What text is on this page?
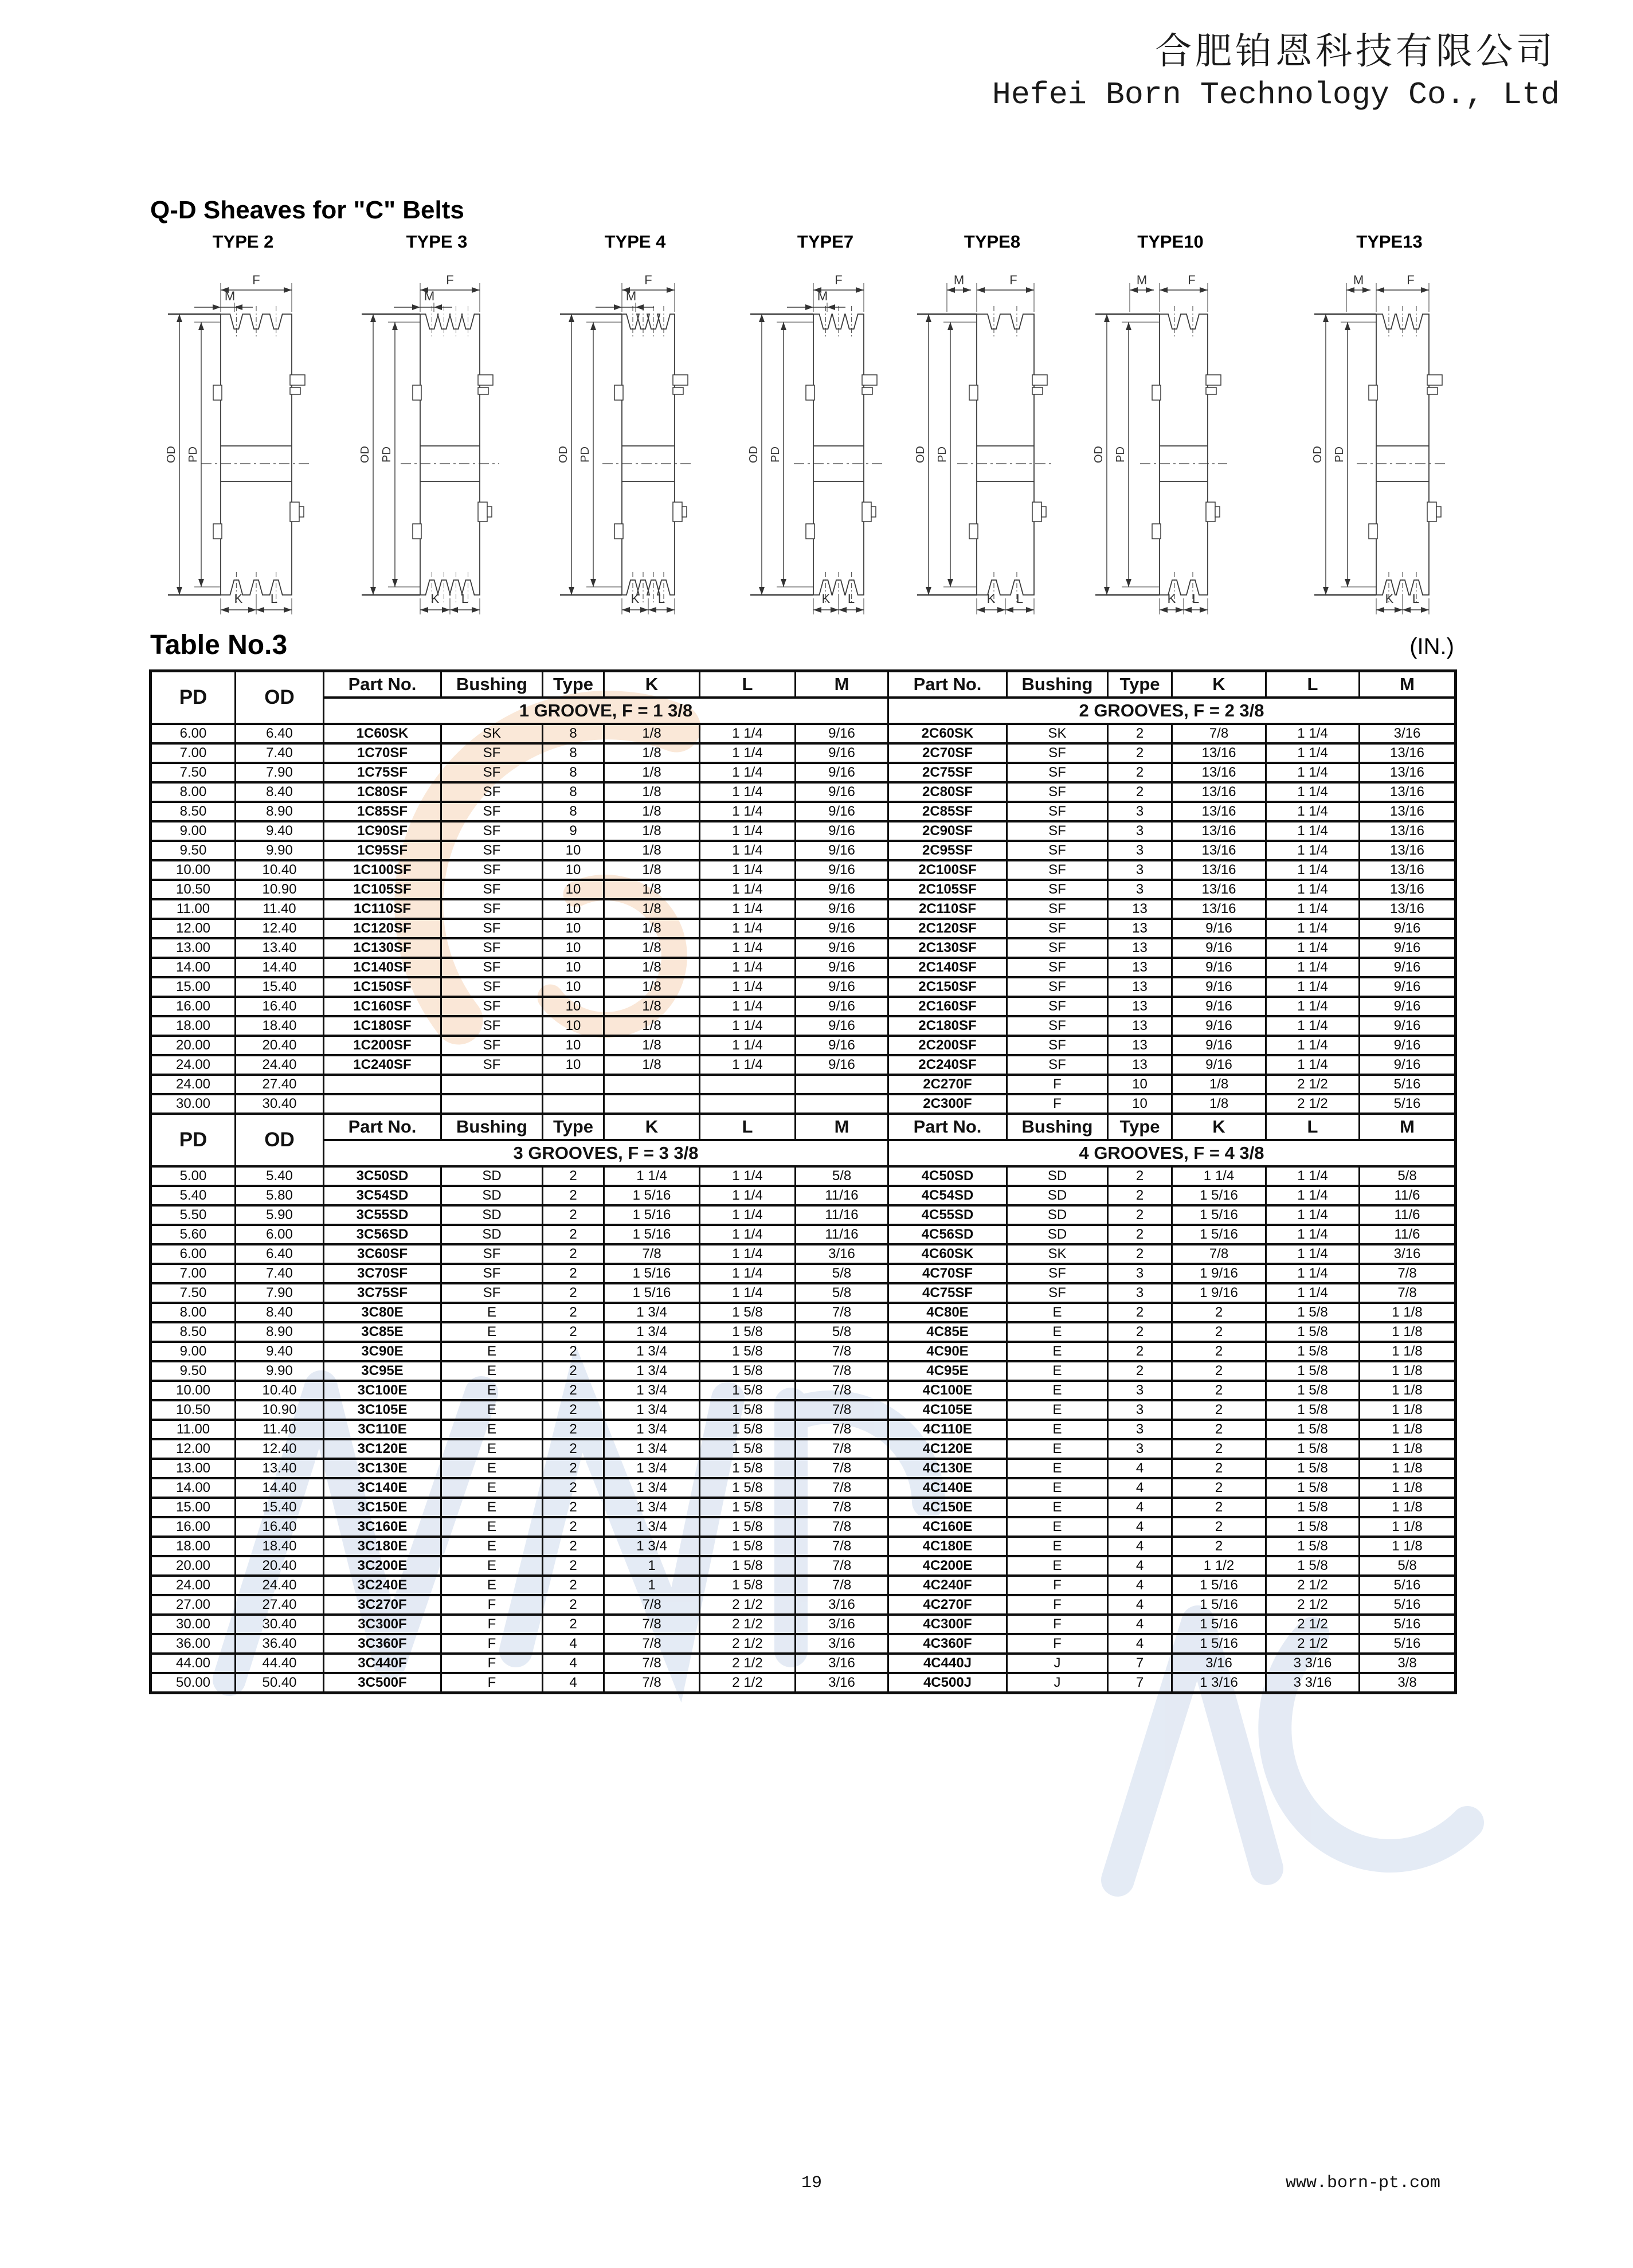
合肥铂恩科技有限公司
Hefei Born Technology Co., Ltd
Q-D Sheaves for "C" Belts
TYPE 2
OD PD
F
M
K L
TYPE 3
OD PD
F
M
K L
TYPE 4
OD PD
F
M
K L
TYPE7
OD PD
F
M
K L
TYPE8
OD PD
F
M
K L
TYPE10
OD PD
F
M
K L
TYPE13
OD PD
F
M
K L
Table No.3	(IN.)
PD	OD	Part No.	Bushing	Type	K	L	M	Part No.	Bushing	Type	K	L	M
		1 GROOVE, F = 1 3/8						2 GROOVES, F = 2 3/8					
6.00	6.40	1C60SK	SK	8	1/8	1 1/4	9/16	2C60SK	SK	2	7/8	1 1/4	3/16
7.00	7.40	1C70SF	SF	8	1/8	1 1/4	9/16	2C70SF	SF	2	13/16	1 1/4	13/16
7.50	7.90	1C75SF	SF	8	1/8	1 1/4	9/16	2C75SF	SF	2	13/16	1 1/4	13/16
8.00	8.40	1C80SF	SF	8	1/8	1 1/4	9/16	2C80SF	SF	2	13/16	1 1/4	13/16
8.50	8.90	1C85SF	SF	8	1/8	1 1/4	9/16	2C85SF	SF	3	13/16	1 1/4	13/16
9.00	9.40	1C90SF	SF	9	1/8	1 1/4	9/16	2C90SF	SF	3	13/16	1 1/4	13/16
9.50	9.90	1C95SF	SF	10	1/8	1 1/4	9/16	2C95SF	SF	3	13/16	1 1/4	13/16
10.00	10.40	1C100SF	SF	10	1/8	1 1/4	9/16	2C100SF	SF	3	13/16	1 1/4	13/16
10.50	10.90	1C105SF	SF	10	1/8	1 1/4	9/16	2C105SF	SF	3	13/16	1 1/4	13/16
11.00	11.40	1C110SF	SF	10	1/8	1 1/4	9/16	2C110SF	SF	13	13/16	1 1/4	13/16
12.00	12.40	1C120SF	SF	10	1/8	1 1/4	9/16	2C120SF	SF	13	9/16	1 1/4	9/16
13.00	13.40	1C130SF	SF	10	1/8	1 1/4	9/16	2C130SF	SF	13	9/16	1 1/4	9/16
14.00	14.40	1C140SF	SF	10	1/8	1 1/4	9/16	2C140SF	SF	13	9/16	1 1/4	9/16
15.00	15.40	1C150SF	SF	10	1/8	1 1/4	9/16	2C150SF	SF	13	9/16	1 1/4	9/16
16.00	16.40	1C160SF	SF	10	1/8	1 1/4	9/16	2C160SF	SF	13	9/16	1 1/4	9/16
18.00	18.40	1C180SF	SF	10	1/8	1 1/4	9/16	2C180SF	SF	13	9/16	1 1/4	9/16
20.00	20.40	1C200SF	SF	10	1/8	1 1/4	9/16	2C200SF	SF	13	9/16	1 1/4	9/16
24.00	24.40	1C240SF	SF	10	1/8	1 1/4	9/16	2C240SF	SF	13	9/16	1 1/4	9/16
24.00	27.40							2C270F	F	10	1/8	2 1/2	5/16
30.00	30.40							2C300F	F	10	1/8	2 1/2	5/16
PD	OD	Part No.	Bushing	Type	K	L	M	Part No.	Bushing	Type	K	L	M
		3 GROOVES, F = 3 3/8						4 GROOVES, F = 4 3/8					
5.00	5.40	3C50SD	SD	2	1 1/4	1 1/4	5/8	4C50SD	SD	2	1 1/4	1 1/4	5/8
5.40	5.80	3C54SD	SD	2	1 5/16	1 1/4	11/16	4C54SD	SD	2	1 5/16	1 1/4	11/6
5.50	5.90	3C55SD	SD	2	1 5/16	1 1/4	11/16	4C55SD	SD	2	1 5/16	1 1/4	11/6
5.60	6.00	3C56SD	SD	2	1 5/16	1 1/4	11/16	4C56SD	SD	2	1 5/16	1 1/4	11/6
6.00	6.40	3C60SF	SF	2	7/8	1 1/4	3/16	4C60SK	SK	2	7/8	1 1/4	3/16
7.00	7.40	3C70SF	SF	2	1 5/16	1 1/4	5/8	4C70SF	SF	3	1 9/16	1 1/4	7/8
7.50	7.90	3C75SF	SF	2	1 5/16	1 1/4	5/8	4C75SF	SF	3	1 9/16	1 1/4	7/8
8.00	8.40	3C80E	E	2	1 3/4	1 5/8	7/8	4C80E	E	2	2	1 5/8	1 1/8
8.50	8.90	3C85E	E	2	1 3/4	1 5/8	5/8	4C85E	E	2	2	1 5/8	1 1/8
9.00	9.40	3C90E	E	2	1 3/4	1 5/8	7/8	4C90E	E	2	2	1 5/8	1 1/8
9.50	9.90	3C95E	E	2	1 3/4	1 5/8	7/8	4C95E	E	2	2	1 5/8	1 1/8
10.00	10.40	3C100E	E	2	1 3/4	1 5/8	7/8	4C100E	E	3	2	1 5/8	1 1/8
10.50	10.90	3C105E	E	2	1 3/4	1 5/8	7/8	4C105E	E	3	2	1 5/8	1 1/8
11.00	11.40	3C110E	E	2	1 3/4	1 5/8	7/8	4C110E	E	3	2	1 5/8	1 1/8
12.00	12.40	3C120E	E	2	1 3/4	1 5/8	7/8	4C120E	E	3	2	1 5/8	1 1/8
13.00	13.40	3C130E	E	2	1 3/4	1 5/8	7/8	4C130E	E	4	2	1 5/8	1 1/8
14.00	14.40	3C140E	E	2	1 3/4	1 5/8	7/8	4C140E	E	4	2	1 5/8	1 1/8
15.00	15.40	3C150E	E	2	1 3/4	1 5/8	7/8	4C150E	E	4	2	1 5/8	1 1/8
16.00	16.40	3C160E	E	2	1 3/4	1 5/8	7/8	4C160E	E	4	2	1 5/8	1 1/8
18.00	18.40	3C180E	E	2	1 3/4	1 5/8	7/8	4C180E	E	4	2	1 5/8	1 1/8
20.00	20.40	3C200E	E	2	1	1 5/8	7/8	4C200E	E	4	1 1/2	1 5/8	5/8
24.00	24.40	3C240E	E	2	1	1 5/8	7/8	4C240F	F	4	1 5/16	2 1/2	5/16
27.00	27.40	3C270F	F	2	7/8	2 1/2	3/16	4C270F	F	4	1 5/16	2 1/2	5/16
30.00	30.40	3C300F	F	2	7/8	2 1/2	3/16	4C300F	F	4	1 5/16	2 1/2	5/16
36.00	36.40	3C360F	F	4	7/8	2 1/2	3/16	4C360F	F	4	1 5/16	2 1/2	5/16
44.00	44.40	3C440F	F	4	7/8	2 1/2	3/16	4C440J	J	7	3/16	3 3/16	3/8
50.00	50.40	3C500F	F	4	7/8	2 1/2	3/16	4C500J	J	7	1 3/16	3 3/16	3/8
19	www.born-pt.com
